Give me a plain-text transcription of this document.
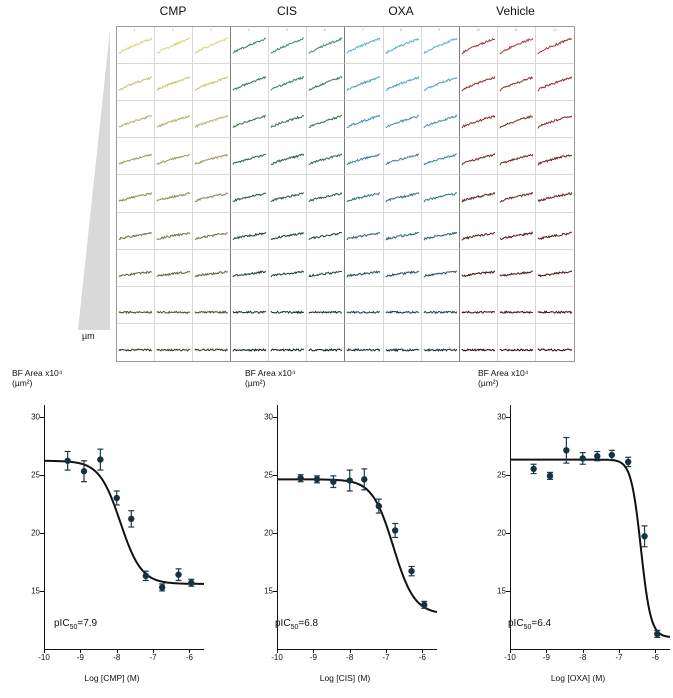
CMP	CIS	OXA	Vehicle
µm
1	2	3	4	5	6	7	8	9	10	11	12
BF Area x10⁴
(µm²)
15
20
25
30
-10	-9	-8	-7	-6
Log [CMP] (M)
pIC$_{50}$=7.9
BF Area x10⁴
(µm²)
15
20
25
30
-10	-9	-8	-7	-6
Log [CIS] (M)
pIC$_{50}$=6.8
BF Area x10⁴
(µm²)
15
20
25
30
-10	-9	-8	-7	-6
Log [OXA] (M)
pIC$_{50}$=6.4
